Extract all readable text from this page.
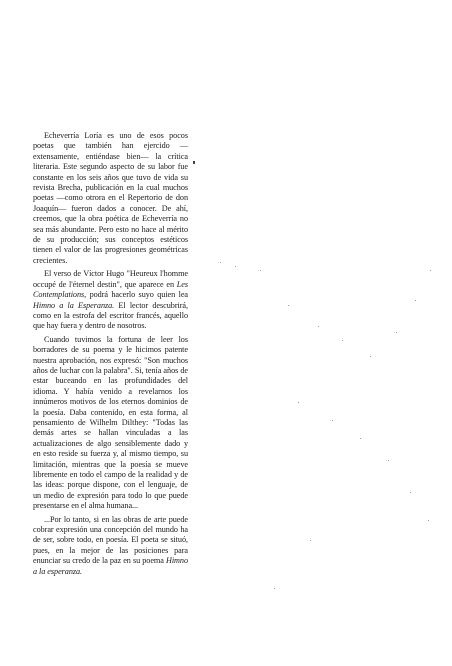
Echeverría Loría es uno de esos pocos poetas que también han ejercido —extensamente, entiéndase bien— la crítica literaria. Este segundo aspecto de su labor fue constante en los seis años que tuvo de vida su revista Brecha, publicación en la cual muchos poetas —como otrora en el Repertorio de don Joaquín— fueron dados a conocer. De ahí, creemos, que la obra poética de Echeverría no sea más abundante. Pero esto no hace al mérito de su producción; sus conceptos estéticos tienen el valor de las progresiones geométricas crecientes.

El verso de Víctor Hugo "Heureux l'homme occupé de l'éternel destin", que aparece en Les Contemplations, podrá hacerlo suyo quien lea Himno a la Esperanza. El lector descubrirá, como en la estrofa del escritor francés, aquello que hay fuera y dentro de nosotros.

Cuando tuvimos la fortuna de leer los borradores de su poema y le hicimos patente nuestra aprobación, nos expresó: "Son muchos años de luchar con la palabra". Si, tenía años de estar buceando en las profundidades del idioma. Y había venido a revelarnos los innúmeros motivos de los eternos dominios de la poesía. Daba contenido, en esta forma, al pensamiento de Wilhelm Dilthey: "Todas las demás artes se hallan vinculadas a las actualizaciones de algo sensiblemente dado y en esto reside su fuerza y, al mismo tiempo, su limitación, mientras que la poesía se mueve libremente en todo el campo de la realidad y de las ideas: porque dispone, con el lenguaje, de un medio de expresión para todo lo que puede presentarse en el alma humana...

...Por lo tanto, si en las obras de arte puede cobrar expresión una concepción del mundo ha de ser, sobre todo, en poesía. El poeta se situó, pues, en la mejor de las posiciones para enunciar su credo de la paz en su poema Himno a la esperanza.
